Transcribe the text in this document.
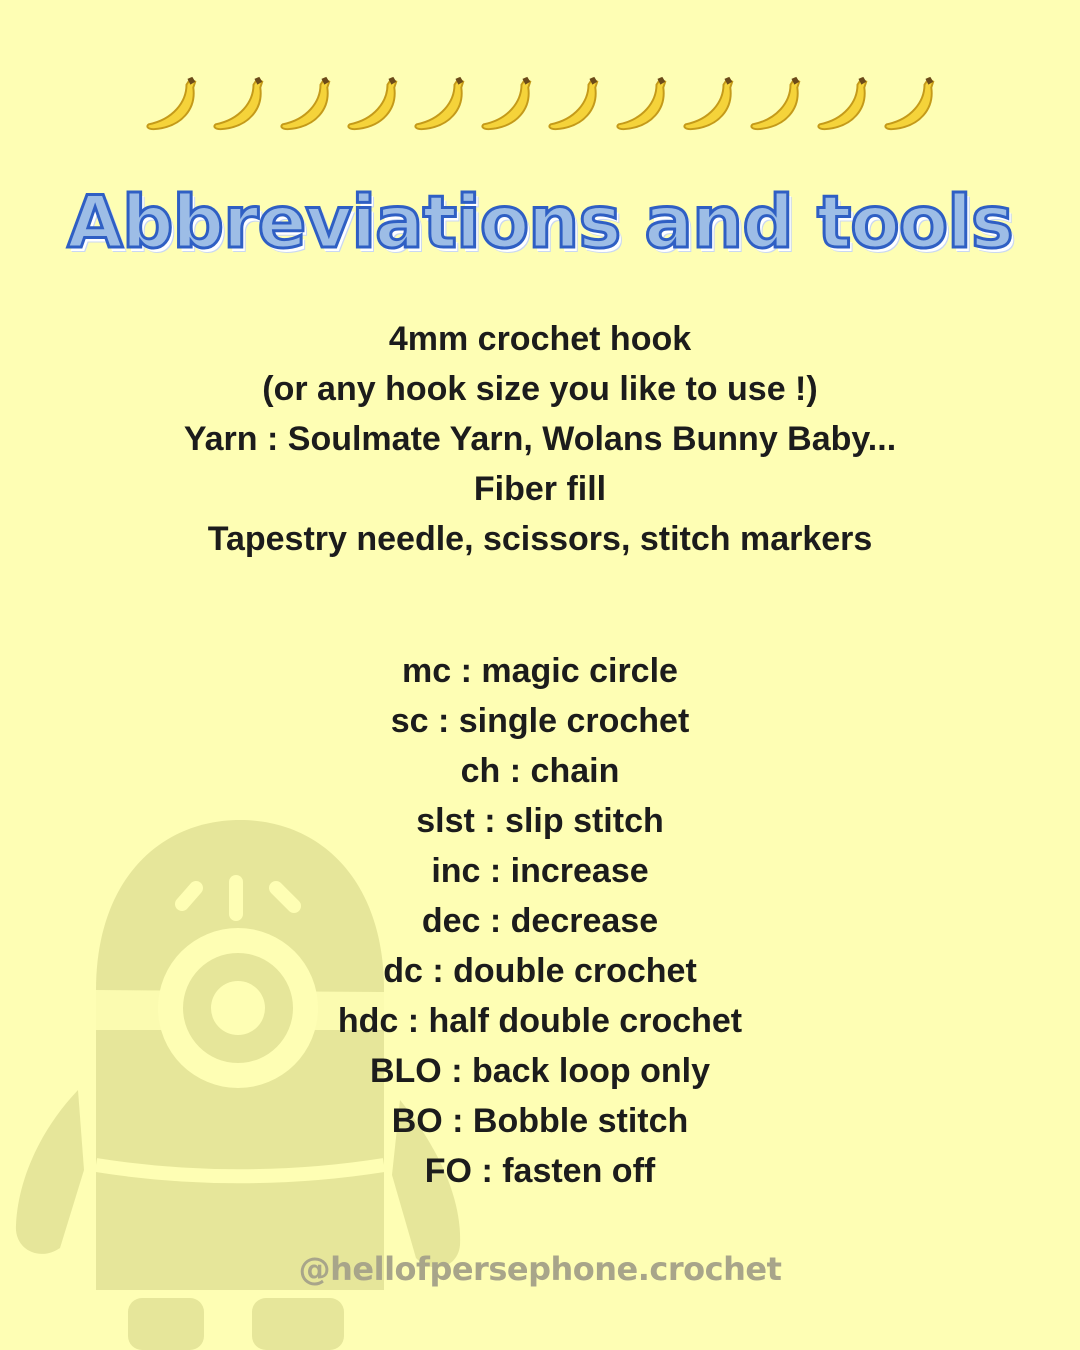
Abbreviations and tools
4mm crochet hook
(or any hook size you like to use !)
Yarn : Soulmate Yarn, Wolans Bunny Baby...
Fiber fill
Tapestry needle, scissors, stitch markers
mc : magic circle
sc : single crochet
ch : chain
slst : slip stitch
inc : increase
dec : decrease
dc : double crochet
hdc : half double crochet
BLO : back loop only
BO : Bobble stitch
FO : fasten off
@hellofpersephone.crochet
